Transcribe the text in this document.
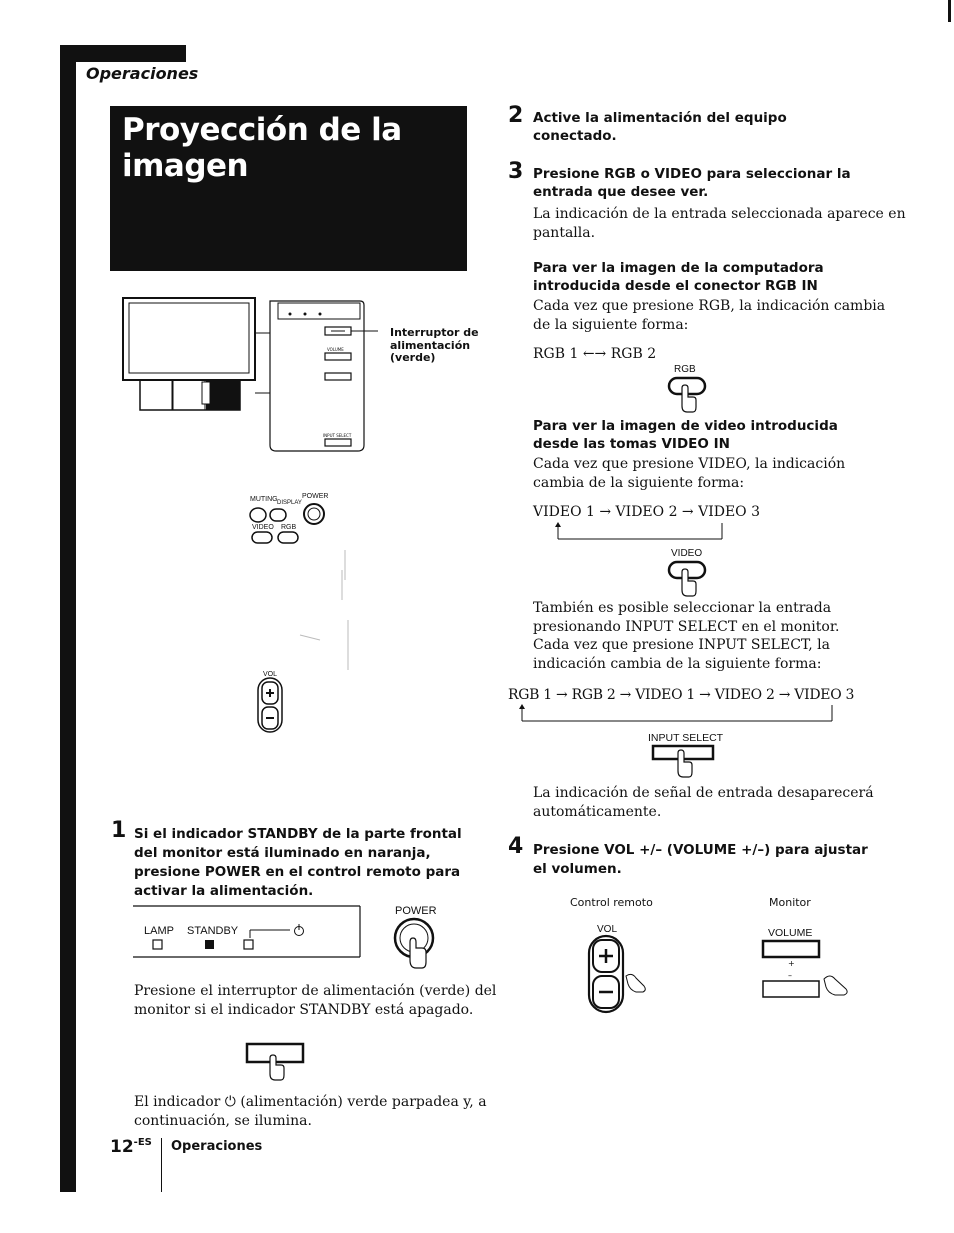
Operaciones
Proyección de la
imagen
VOLUME
INPUT SELECT
Interruptor de
alimentación
(verde)
MUTING DISPLAY
POWER
VIDEO RGB
VOL
1 Si el indicador STANDBY de la parte frontal
del monitor está iluminado en naranja,
presione POWER en el control remoto para
activar la alimentación.
LAMP STANDBY
POWER
Presione el interruptor de alimentación (verde) del
monitor si el indicador STANDBY está apagado.
El indicador ⏻ (alimentación) verde parpadea y, a
continuación, se ilumina.
$12^{-ES}$ Operaciones
2 Active la alimentación del equipo
conectado.
3 Presione RGB o VIDEO para seleccionar la
entrada que desee ver.
La indicación de la entrada seleccionada aparece en
pantalla.
Para ver la imagen de la computadora
introducida desde el conector RGB IN
Cada vez que presione RGB, la indicación cambia
de la siguiente forma:
RGB 1 ←→ RGB 2
RGB
Para ver la imagen de video introducida
desde las tomas VIDEO IN
Cada vez que presione VIDEO, la indicación
cambia de la siguiente forma:
VIDEO 1 → VIDEO 2 → VIDEO 3
VIDEO
También es posible seleccionar la entrada
presionando INPUT SELECT en el monitor.
Cada vez que presione INPUT SELECT, la
indicación cambia de la siguiente forma:
RGB 1 → RGB 2 → VIDEO 1 → VIDEO 2 → VIDEO 3
INPUT SELECT
La indicación de señal de entrada desaparecerá
automáticamente.
4 Presione VOL +/– (VOLUME +/–) para ajustar
el volumen.
Control remoto	Monitor
VOL	VOLUME
+
–
